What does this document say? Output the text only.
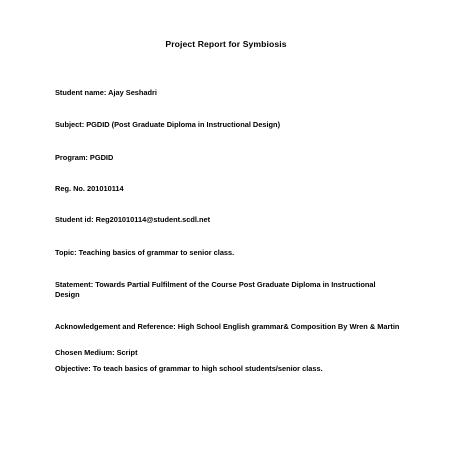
Project Report for Symbiosis
Student name: Ajay Seshadri
Subject: PGDID (Post Graduate Diploma in Instructional Design)
Program: PGDID
Reg. No. 201010114
Student id: Reg201010114@student.scdl.net
Topic: Teaching basics of grammar to senior class.
Statement: Towards Partial Fulfilment of the Course Post Graduate Diploma in Instructional Design
Acknowledgement and Reference: High School English grammar& Composition By Wren & Martin
Chosen Medium: Script
Objective: To teach basics of grammar to high school students/senior class.
